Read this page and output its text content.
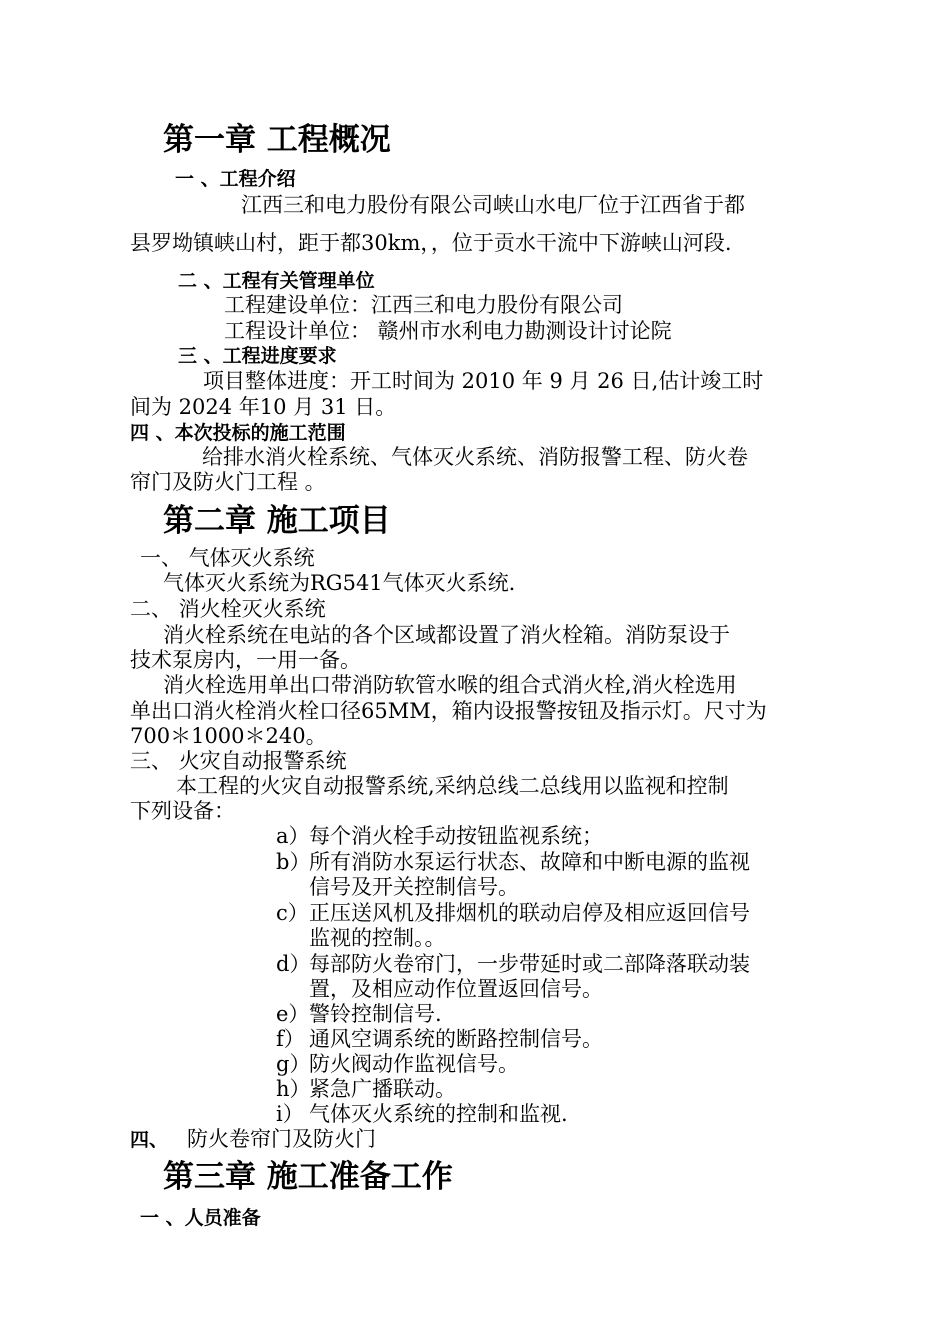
第一章 工程概况
一 、工程介绍
江西三和电力股份有限公司峡山水电厂位于江西省于都
县罗坳镇峡山村，距于都30km，，位于贡水干流中下游峡山河段.
二 、工程有关管理单位
工程建设单位：江西三和电力股份有限公司
工程设计单位： 赣州市水利电力勘测设计讨论院
三 、工程进度要求
项目整体进度：开工时间为 2010 年 9 月 26 日,估计竣工时
间为 2024 年10 月 31 日。
四 、本次投标的施工范围
给排水消火栓系统、气体灭火系统、消防报警工程、防火卷
帘门及防火门工程 。
第二章 施工项目
一、 气体灭火系统
气体灭火系统为RG541气体灭火系统.
二、 消火栓灭火系统
消火栓系统在电站的各个区域都设置了消火栓箱。消防泵设于
技术泵房内，一用一备。
消火栓选用单出口带消防软管水喉的组合式消火栓,消火栓选用
单出口消火栓消火栓口径65MM，箱内设报警按钮及指示灯。尺寸为
700＊1000＊240。
三、 火灾自动报警系统
本工程的火灾自动报警系统,采纳总线二总线用以监视和控制
下列设备：
a） 每个消火栓手动按钮监视系统；
b）
所有消防水泵运行状态、故障和中断电源的监视
信号及开关控制信号。
c） 正压送风机及排烟机的联动启停及相应返回信号
监视的控制。。
d）
每部防火卷帘门，一步带延时或二部降落联动装
置，及相应动作位置返回信号。
e） 警铃控制信号.
f） 通风空调系统的断路控制信号。
g）
防火阀动作监视信号。
h）
紧急广播联动。
i） 气体灭火系统的控制和监视.
四、 防火卷帘门及防火门
第三章 施工准备工作
一 、人员准备
